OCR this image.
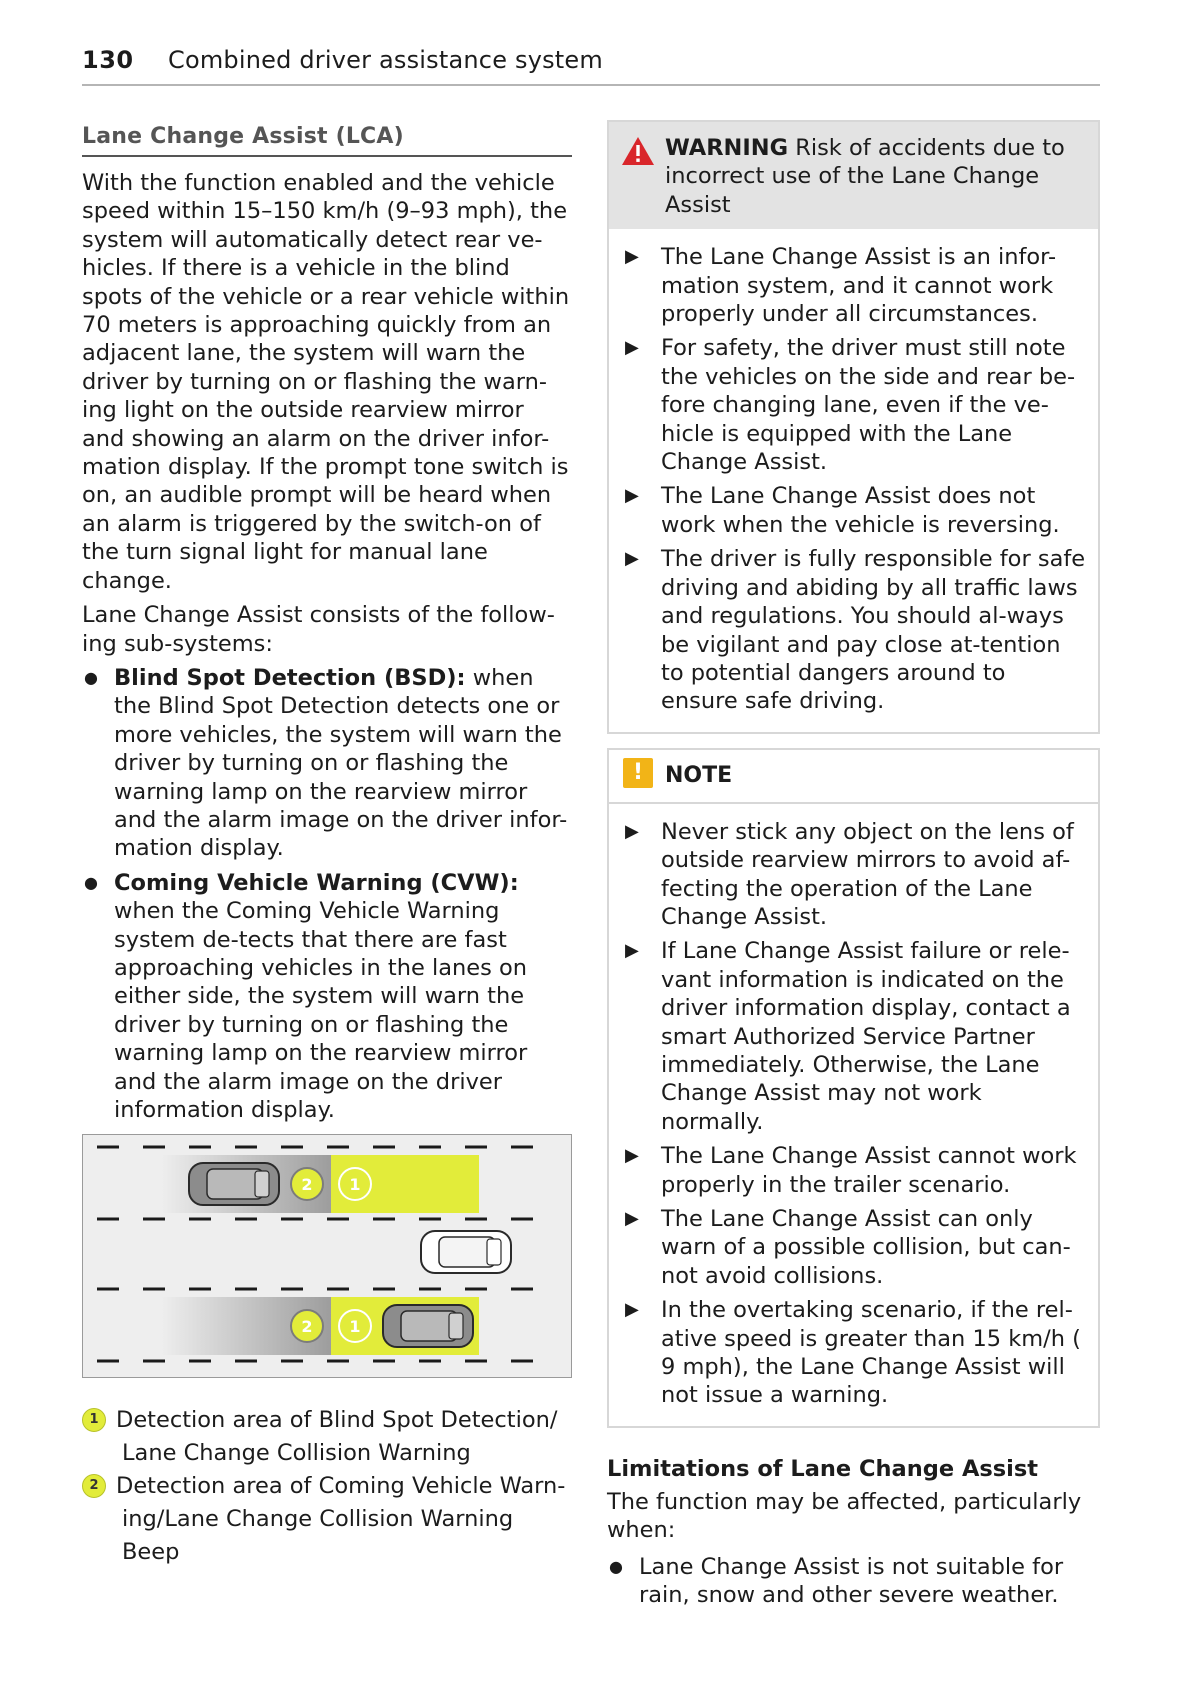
130 Combined driver assistance system
Lane Change Assist (LCA)

With the function enabled and the vehicle speed within 15–150 km/h (9–93 mph), the system will automatically detect rear ve-hicles. If there is a vehicle in the blind spots of the vehicle or a rear vehicle within 70 meters is approaching quickly from an adjacent lane, the system will warn the driver by turning on or flashing the warn-ing light on the outside rearview mirror and showing an alarm on the driver infor-mation display. If the prompt tone switch is on, an audible prompt will be heard when an alarm is triggered by the switch-on of the turn signal light for manual lane change.

Lane Change Assist consists of the follow-ing sub-systems:

● Blind Spot Detection (BSD): when the Blind Spot Detection detects one or more vehicles, the system will warn the driver by turning on or flashing the warning lamp on the rearview mirror and the alarm image on the driver infor-mation display.
● Coming Vehicle Warning (CVW): when the Coming Vehicle Warning system de-tects that there are fast approaching vehicles in the lanes on either side, the system will warn the driver by turning on or flashing the warning lamp on the rearview mirror and the alarm image on the driver information display.
2 1
2 1
1 Detection area of Blind Spot Detection/
Lane Change Collision Warning
2 Detection area of Coming Vehicle Warn-
ing/Lane Change Collision Warning
Beep
WARNING Risk of accidents due to incorrect use of the Lane Change Assist
▶ The Lane Change Assist is an infor-mation system, and it cannot work properly under all circumstances.
▶ For safety, the driver must still note the vehicles on the side and rear be-fore changing lane, even if the ve-hicle is equipped with the Lane Change Assist.
▶ The Lane Change Assist does not work when the vehicle is reversing.
▶ The driver is fully responsible for safe driving and abiding by all traffic laws and regulations. You should al-ways be vigilant and pay close at-tention to potential dangers around to ensure safe driving.
! NOTE
▶ Never stick any object on the lens of outside rearview mirrors to avoid af-fecting the operation of the Lane Change Assist.
▶ If Lane Change Assist failure or rele-vant information is indicated on the driver information display, contact a smart Authorized Service Partner immediately. Otherwise, the Lane Change Assist may not work normally.
▶ The Lane Change Assist cannot work properly in the trailer scenario.
▶ The Lane Change Assist can only warn of a possible collision, but can-not avoid collisions.
▶ In the overtaking scenario, if the rel-ative speed is greater than 15 km/h ( 9 mph), the Lane Change Assist will not issue a warning.
Limitations of Lane Change Assist

The function may be affected, particularly when:

● Lane Change Assist is not suitable for rain, snow and other severe weather.
